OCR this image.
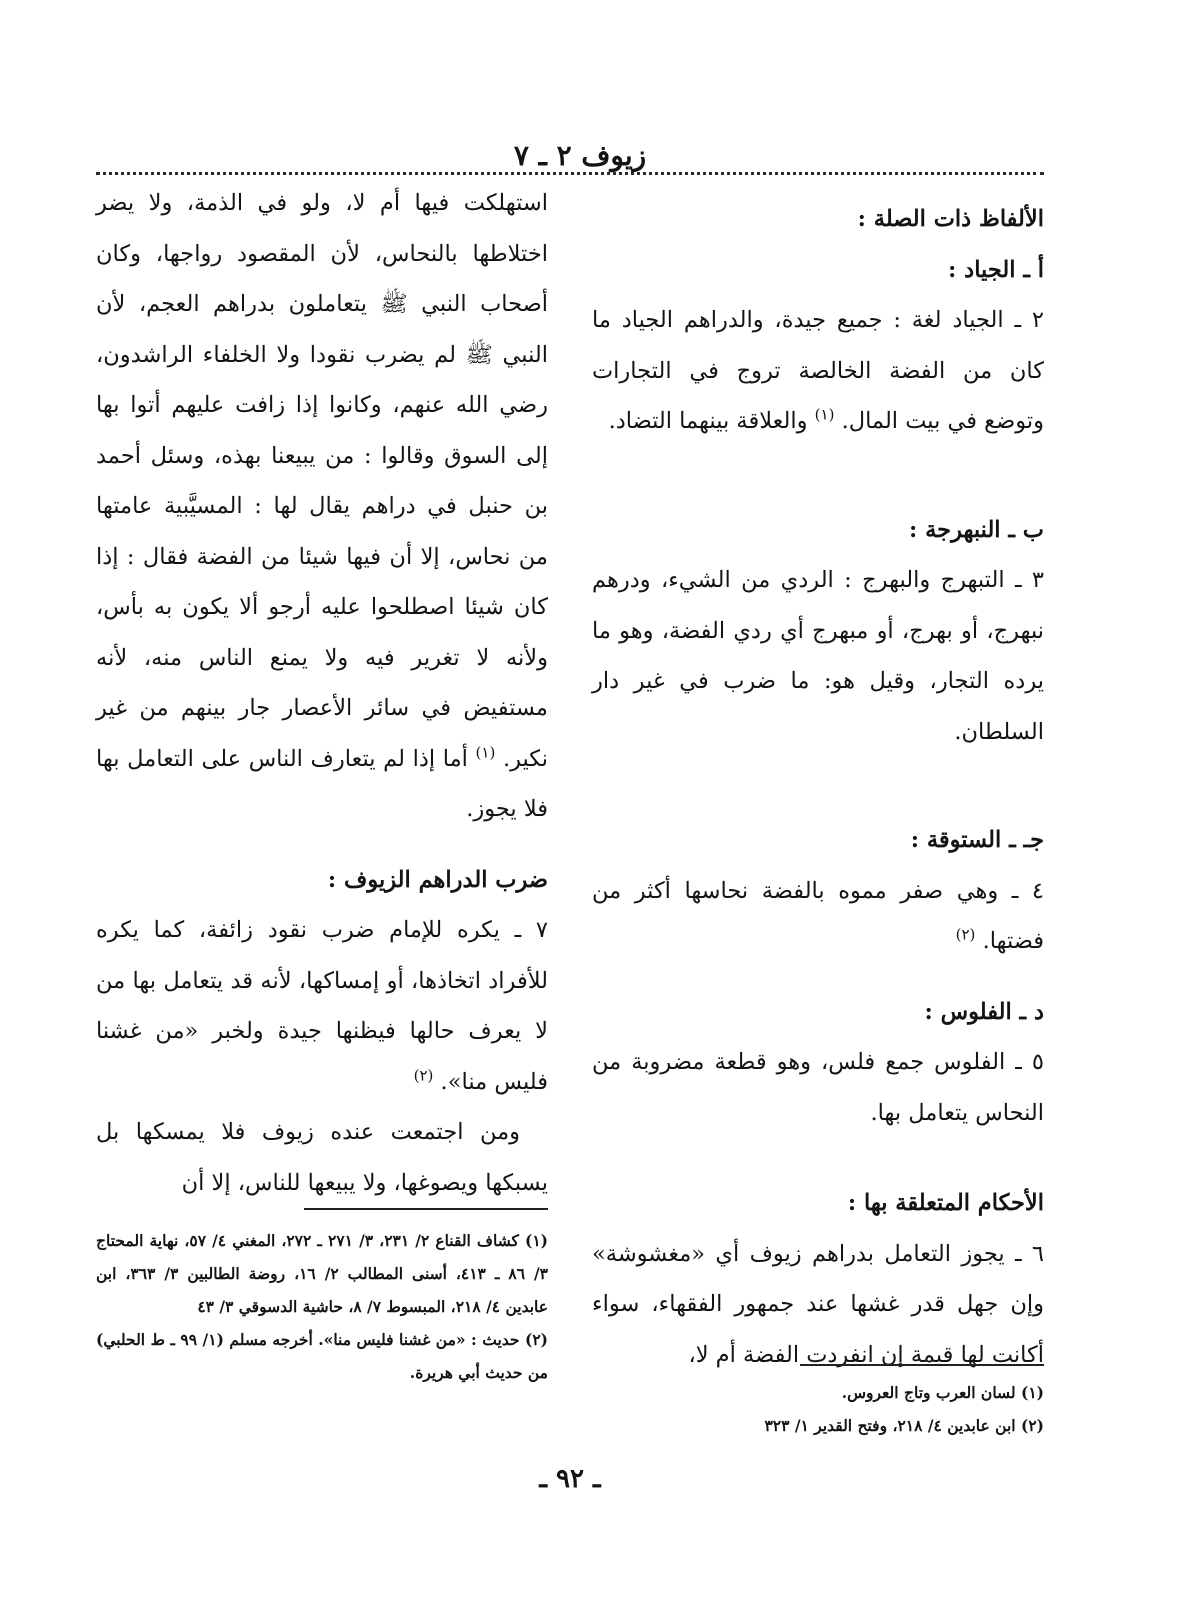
زيوف ٢ ـ ٧

الألفاظ ذات الصلة :

أ ـ الجياد :

٢ ـ الجياد لغة : جميع جيدة، والدراهم الجياد ما كان من الفضة الخالصة تروج في التجارات وتوضع في بيت المال. $^{(١)}$ والعلاقة بينهما التضاد.

ب ـ النبهرجة :

٣ ـ التبهرج والبهرج : الردي من الشيء، ودرهم نبهرج، أو بهرج، أو مبهرج أي ردي الفضة، وهو ما يرده التجار، وقيل هو: ما ضرب في غير دار السلطان.

جـ ـ الستوقة :

٤ ـ وهي صفر مموه بالفضة نحاسها أكثر من فضتها. $^{(٢)}$

د ـ الفلوس :

٥ ـ الفلوس جمع فلس، وهو قطعة مضروبة من النحاس يتعامل بها.

الأحكام المتعلقة بها :

٦ ـ يجوز التعامل بدراهم زيوف أي «مغشوشة» وإن جهل قدر غشها عند جمهور الفقهاء، سواء أكانت لها قيمة إن انفردت الفضة أم لا،

استهلكت فيها أم لا، ولو في الذمة، ولا يضر اختلاطها بالنحاس، لأن المقصود رواجها، وكان أصحاب النبي ﷺ يتعاملون بدراهم العجم، لأن النبي ﷺ لم يضرب نقودا ولا الخلفاء الراشدون، رضي الله عنهم، وكانوا إذا زافت عليهم أتوا بها إلى السوق وقالوا : من يبيعنا بهذه، وسئل أحمد بن حنبل في دراهم يقال لها : المسيَّبية عامتها من نحاس، إلا أن فيها شيئا من الفضة فقال : إذا كان شيئا اصطلحوا عليه أرجو ألا يكون به بأس، ولأنه لا تغرير فيه ولا يمنع الناس منه، لأنه مستفيض في سائر الأعصار جار بينهم من غير نكير. $^{(١)}$ أما إذا لم يتعارف الناس على التعامل بها فلا يجوز.

ضرب الدراهم الزيوف :

٧ ـ يكره للإمام ضرب نقود زائفة، كما يكره للأفراد اتخاذها، أو إمساكها، لأنه قد يتعامل بها من لا يعرف حالها فيظنها جيدة ولخبر «من غشنا فليس منا». $^{(٢)}$

ومن اجتمعت عنده زيوف فلا يمسكها بل يسبكها ويصوغها، ولا يبيعها للناس، إلا أن

(١) كشاف القناع ٢/ ٢٣١، ٣/ ٢٧١ ـ ٢٧٢، المغني ٤/ ٥٧، نهاية المحتاج ٣/ ٨٦ ـ ٤١٣، أسنى المطالب ٢/ ١٦، روضة الطالبين ٣/ ٣٦٣، ابن عابدين ٤/ ٢١٨، المبسوط ٧/ ٨، حاشية الدسوقي ٣/ ٤٣

(٢) حديث : «من غشنا فليس منا». أخرجه مسلم (١/ ٩٩ ـ ط الحلبي) من حديث أبي هريرة.

(١) لسان العرب وتاج العروس.

(٢) ابن عابدين ٤/ ٢١٨، وفتح القدير ١/ ٣٢٣

ـ ٩٢ ـ
